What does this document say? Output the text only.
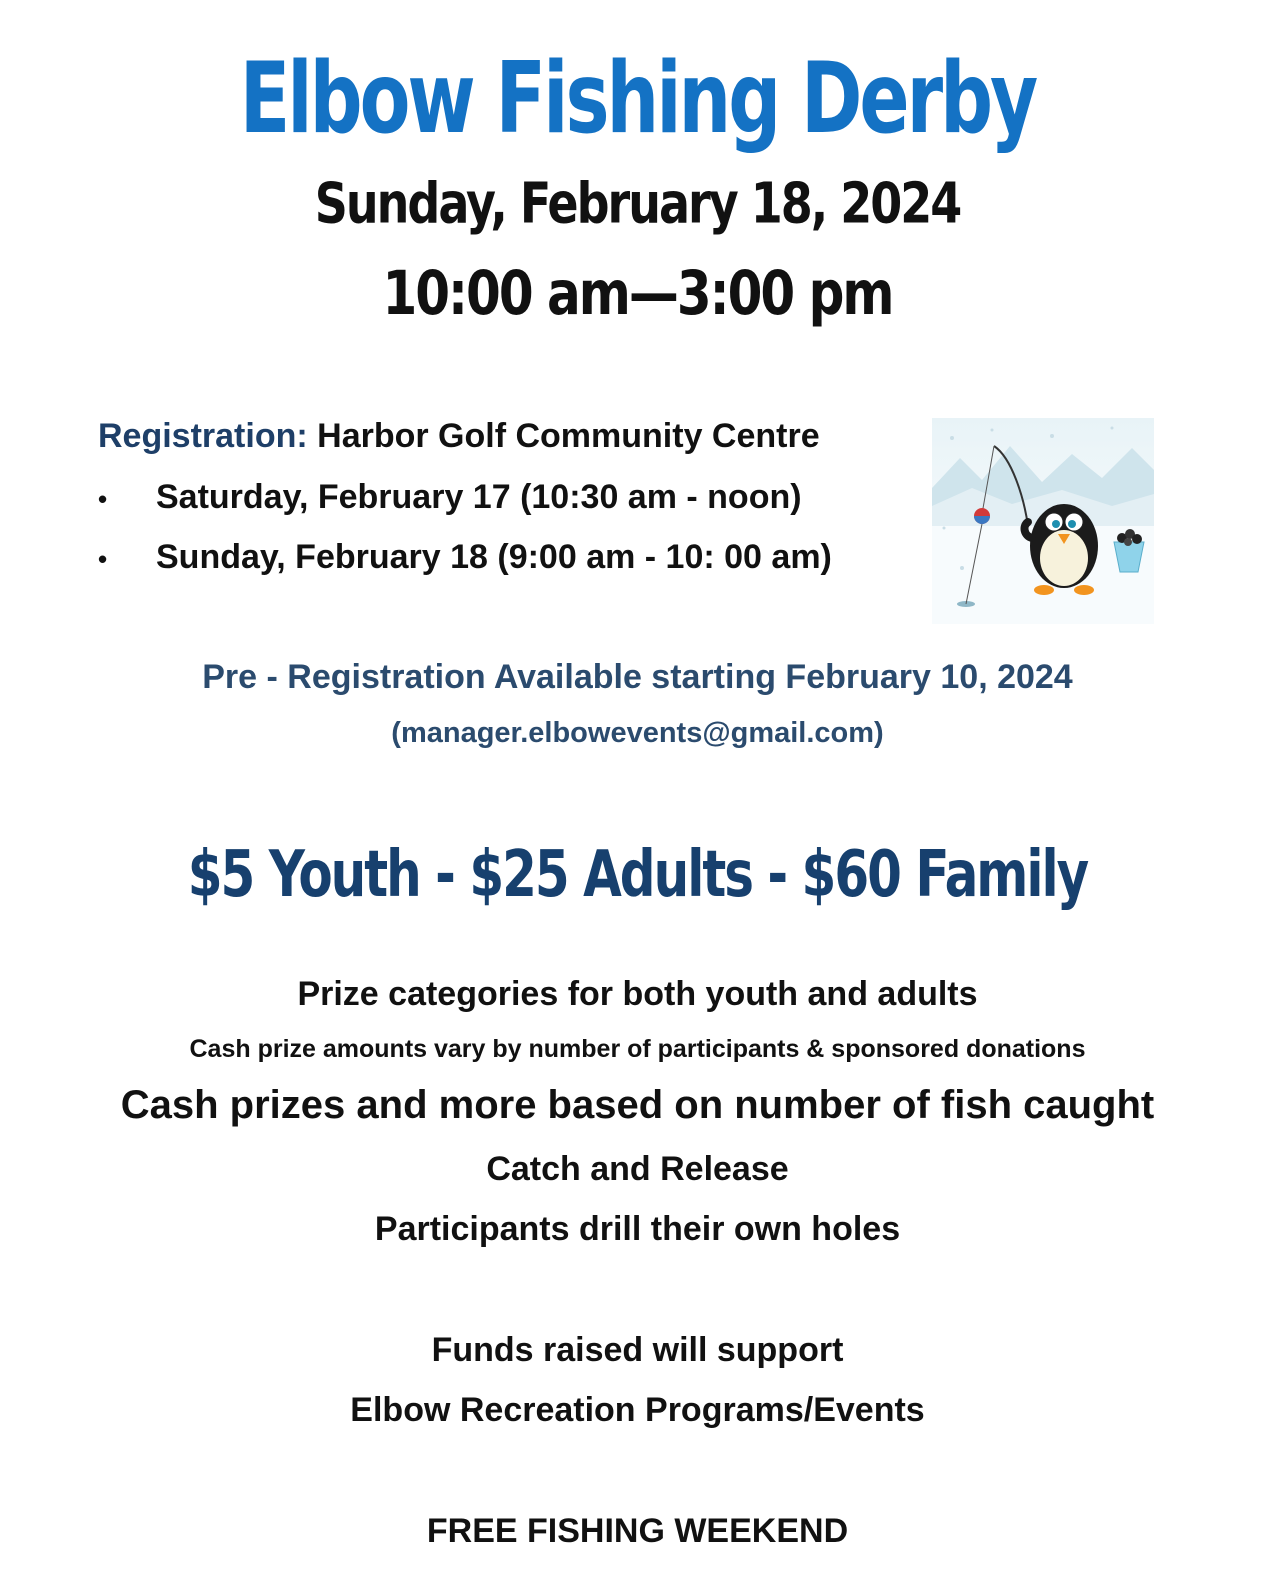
Elbow Fishing Derby
Sunday, February 18, 2024
10:00 am—3:00 pm
Registration: Harbor Golf Community Centre
• Saturday, February 17 (10:30 am - noon)
• Sunday, February 18 (9:00 am - 10: 00 am)
Pre - Registration Available starting February 10, 2024
(manager.elbowevents@gmail.com)
$5 Youth - $25 Adults - $60 Family
Prize categories for both youth and adults
Cash prize amounts vary by number of participants & sponsored donations
Cash prizes and more based on number of fish caught
Catch and Release
Participants drill their own holes
Funds raised will support
Elbow Recreation Programs/Events
FREE FISHING WEEKEND
